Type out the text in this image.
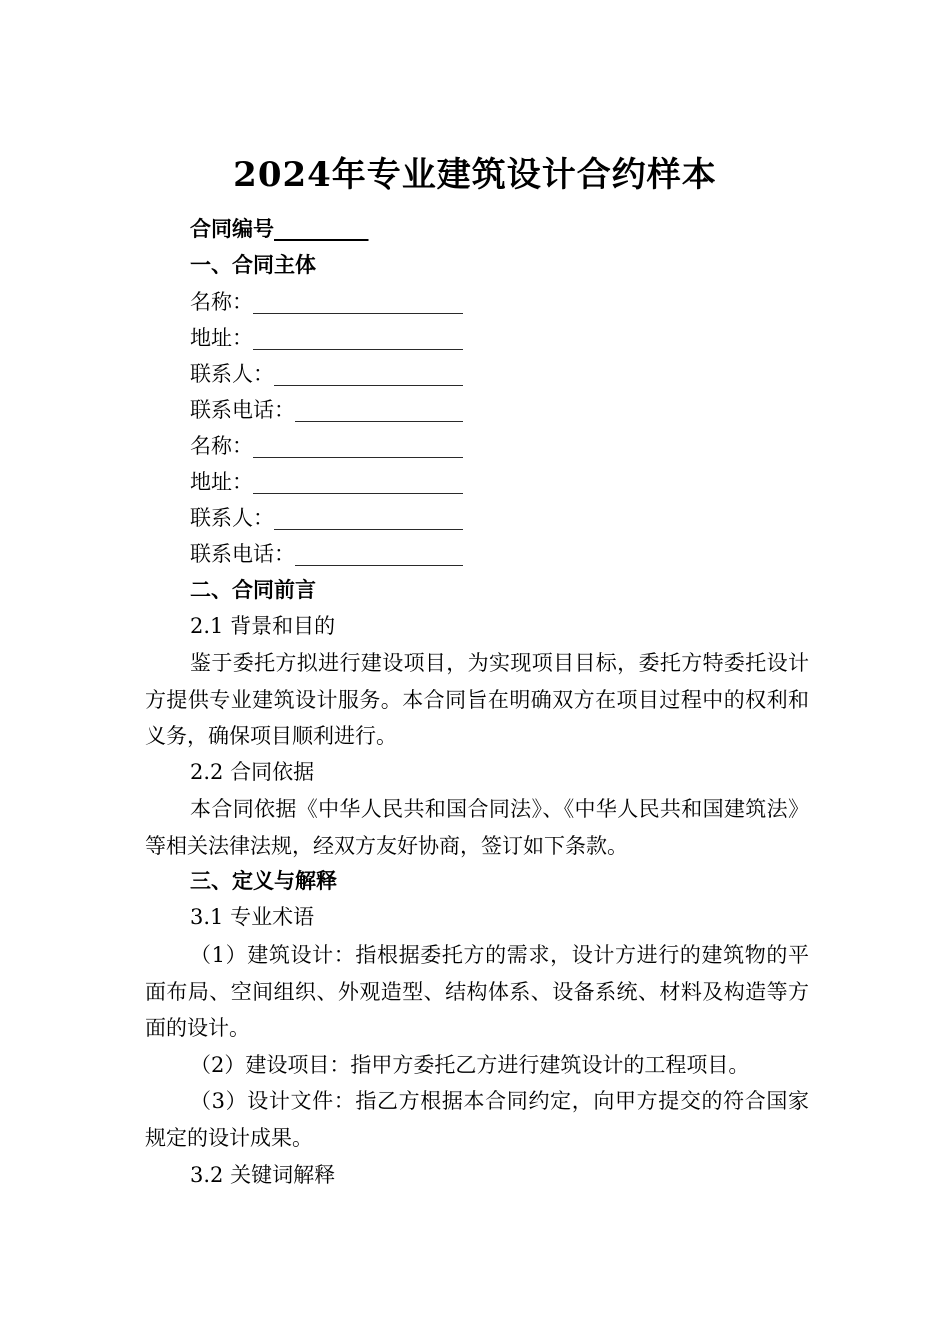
2024年专业建筑设计合约样本
合同编号_________
一、合同主体
名称：____________________
地址：____________________
联系人：__________________
联系电话：________________
名称：____________________
地址：____________________
联系人：__________________
联系电话：________________
二、合同前言
2.1 背景和目的

鉴于委托方拟进行建设项目，为实现项目目标，委托方特委托设计方提供专业建筑设计服务。本合同旨在明确双方在项目过程中的权利和义务，确保项目顺利进行。

2.2 合同依据

本合同依据《中华人民共和国合同法》、《中华人民共和国建筑法》等相关法律法规，经双方友好协商，签订如下条款。

三、定义与解释
3.1 专业术语

（1）建筑设计：指根据委托方的需求，设计方进行的建筑物的平面布局、空间组织、外观造型、结构体系、设备系统、材料及构造等方面的设计。

（2）建设项目：指甲方委托乙方进行建筑设计的工程项目。

（3）设计文件：指乙方根据本合同约定，向甲方提交的符合国家规定的设计成果。

3.2 关键词解释
